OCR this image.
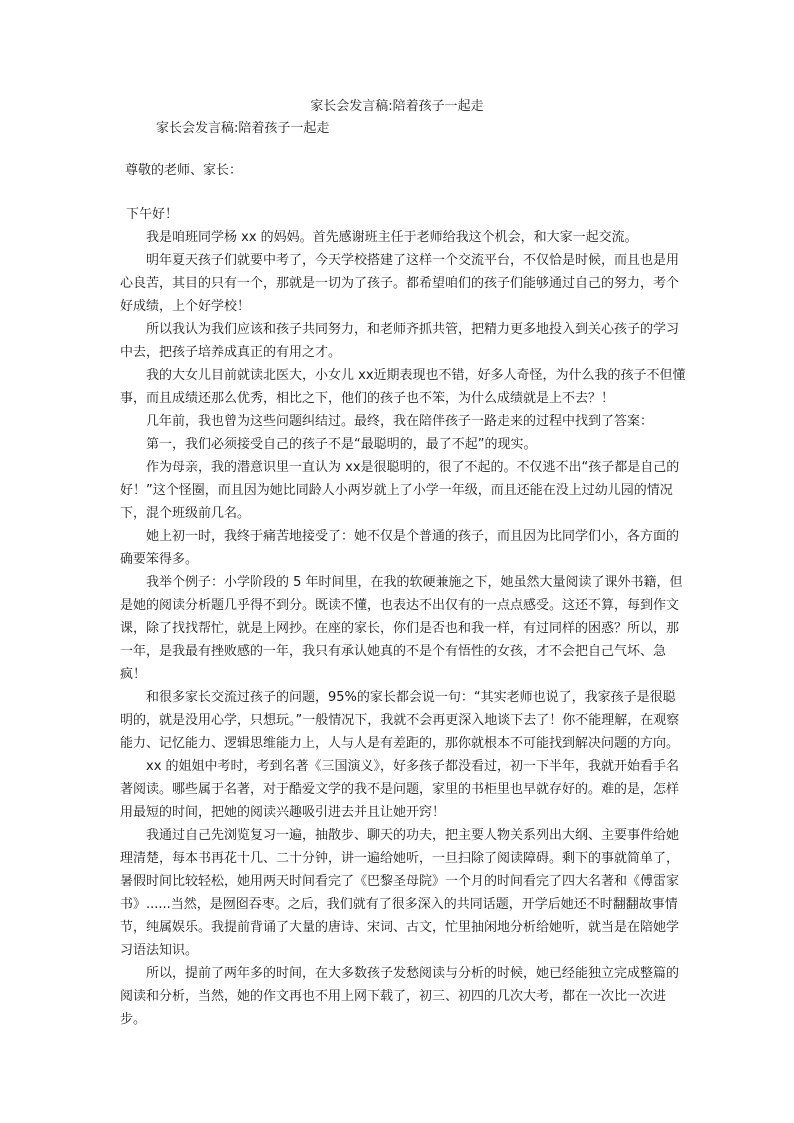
家长会发言稿:陪着孩子一起走
家长会发言稿:陪着孩子一起走
尊敬的老师、家长：

下午好！

我是咱班同学杨 xx 的妈妈。首先感谢班主任于老师给我这个机会，和大家一起交流。

明年夏天孩子们就要中考了，今天学校搭建了这样一个交流平台，不仅恰是时候，而且也是用心良苦，其目的只有一个，那就是一切为了孩子。都希望咱们的孩子们能够通过自己的努力，考个好成绩，上个好学校！

所以我认为我们应该和孩子共同努力，和老师齐抓共管，把精力更多地投入到关心孩子的学习中去，把孩子培养成真正的有用之才。

我的大女儿目前就读北医大，小女儿 xx近期表现也不错，好多人奇怪，为什么我的孩子不但懂事，而且成绩还那么优秀，相比之下，他们的孩子也不笨，为什么成绩就是上不去？！

几年前，我也曾为这些问题纠结过。最终，我在陪伴孩子一路走来的过程中找到了答案：

第一，我们必须接受自己的孩子不是“最聪明的，最了不起”的现实。

作为母亲，我的潜意识里一直认为 xx是很聪明的，很了不起的。不仅逃不出“孩子都是自己的好！”这个怪圈，而且因为她比同龄人小两岁就上了小学一年级，而且还能在没上过幼儿园的情况下，混个班级前几名。

她上初一时，我终于痛苦地接受了：她不仅是个普通的孩子，而且因为比同学们小，各方面的确要笨得多。

我举个例子：小学阶段的 5 年时间里，在我的软硬兼施之下，她虽然大量阅读了课外书籍，但是她的阅读分析题几乎得不到分。既读不懂，也表达不出仅有的一点点感受。这还不算，每到作文课，除了找找帮忙，就是上网抄。在座的家长，你们是否也和我一样，有过同样的困惑？所以，那一年，是我最有挫败感的一年，我只有承认她真的不是个有悟性的女孩，才不会把自己气坏、急疯！

和很多家长交流过孩子的问题，95%的家长都会说一句：“其实老师也说了，我家孩子是很聪明的，就是没用心学，只想玩。”一般情况下，我就不会再更深入地谈下去了！你不能理解，在观察能力、记忆能力、逻辑思维能力上，人与人是有差距的，那你就根本不可能找到解决问题的方向。

xx 的姐姐中考时，考到名著《三国演义》，好多孩子都没看过，初一下半年，我就开始看手名著阅读。哪些属于名著，对于酷爱文学的我不是问题，家里的书柜里也早就存好的。难的是，怎样用最短的时间，把她的阅读兴趣吸引进去并且让她开窍！

我通过自己先浏览复习一遍，抽散步、聊天的功夫，把主要人物关系列出大纲、主要事件给她理清楚，每本书再花十几、二十分钟，讲一遍给她听，一旦扫除了阅读障碍。剩下的事就简单了，暑假时间比较轻松，她用两天时间看完了《巴黎圣母院》一个月的时间看完了四大名著和《傅雷家书》......当然，是囫囵吞枣。之后，我们就有了很多深入的共同话题，开学后她还不时翻翻故事情节，纯属娱乐。我提前背诵了大量的唐诗、宋词、古文，忙里抽闲地分析给她听，就当是在陪她学习语法知识。

所以，提前了两年多的时间，在大多数孩子发愁阅读与分析的时候，她已经能独立完成整篇的阅读和分析，当然，她的作文再也不用上网下载了，初三、初四的几次大考，都在一次比一次进步。
